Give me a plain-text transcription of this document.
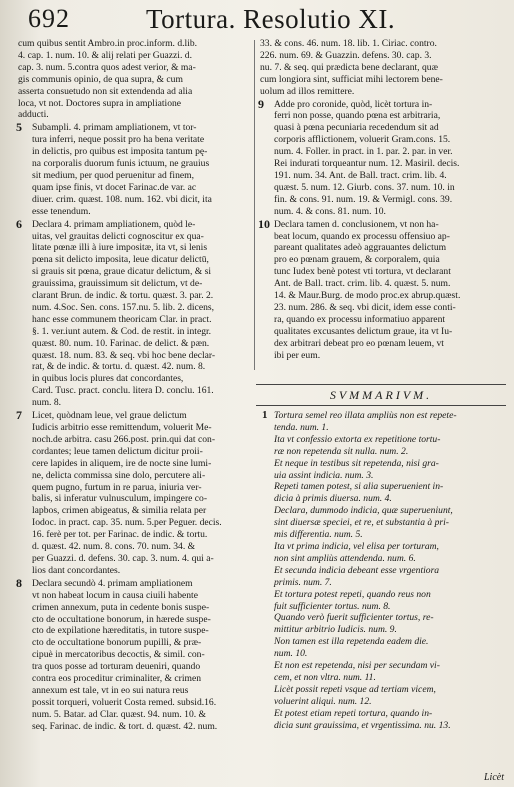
692	Tortura. Resolutio XI.
cum quibus sentit Ambro.in proc.inform. d.lib.
4. cap. 1. num. 10. & alij relati per Guazzi. d.
cap. 3. num. 5.contra quos adest verior, & ma-
gis communis opinio, de qua supra, & cum
asserta consuetudo non sit extendenda ad alia
loca, vt not. Doctores supra in ampliatione
adducti.
5	Subampli. 4. primam ampliationem, vt tor-
tura inferri, neque possit pro ha bena veritate
in delictis, pro quibus est imposita tantum pę-
na corporalis duorum funis ictuum, ne grauius
sit medium, per quod peruenitur ad finem,
quam ipse finis, vt docet Farinac.de var. ac
diuer. crim. quæst. 108. num. 162. vbi dicit, ita
esse tenendum.
6	Declara 4. primam ampliationem, quòd le-
uitas, vel grauitas delicti cognoscitur ex qua-
litate pœnæ illi à iure impositæ, ita vt, si lenis
pœna sit delicto imposita, leue dicatur delictū,
si grauis sit pœna, graue dicatur delictum, & si
grauissima, grauissimum sit delictum, vt de-
clarant Brun. de indic. & tortu. quæst. 3. par. 2.
num. 4.Soc. Sen. cons. 157.nu. 5. lib. 2. dicens,
hanc esse communem theoricam Clar. in pract.
§. 1. ver.iunt autem. & Cod. de restit. in integr.
quæst. 80. num. 10. Farinac. de delict. & pæn.
quæst. 18. num. 83. & seq. vbi hoc bene declar-
rat, & de indic. & tortu. d. quæst. 42. num. 8.
in quibus locis plures dat concordantes,
Card. Tusc. pract. conclu. litera D. conclu. 161.
num. 8.
7	Licet, quòdnam leue, vel graue delictum
Iudicis arbitrio esse remittendum, voluerit Me-
noch.de arbitra. casu 266.post. prin.qui dat con-
cordantes; leue tamen delictum dicitur proii-
cere lapides in aliquem, ire de nocte sine lumi-
ne, delicta commissa sine dolo, percutere ali-
quem pugno, furtum in re parua, iniuria ver-
balis, si inferatur vulnusculum, impingere co-
lapbos, crimen abigeatus, & similia relata per
Iodoc. in pract. cap. 35. num. 5.per Peguer. decis.
16. ferè per tot. per Farinac. de indic. & tortu.
d. quæst. 42. num. 8. cons. 70. num. 34. &
per Guazzi. d. defens. 30. cap. 3. num. 4. qui a-
lios dant concordantes.
8	Declara secundò 4. primam ampliationem
vt non habeat locum in causa ciuili habente
crimen annexum, puta in cedente bonis suspe-
cto de occultatione bonorum, in hærede suspe-
cto de expilatione hæreditatis, in tutore suspe-
cto de occultatione bonorum pupilli, & præ-
cipuè in mercatoribus decoctis, & simil. con-
tra quos posse ad torturam deueniri, quando
contra eos proceditur criminaliter, & crimen
annexum est tale, vt in eo sui natura reus
possit torqueri, voluerit Costa remed. subsid.16.
num. 5. Batar. ad Clar. quæst. 94. num. 10. &
seq. Farinac. de indic. & tort. d. quæst. 42. num.
33. & cons. 46. num. 18. lib. 1. Ciriac. contro.
226. num. 69. & Guazzin. defens. 30. cap. 3.
nu. 7. & seq. qui prædicta bene declarant, quæ
cum longiora sint, sufficiat mihi lectorem bene-
uolum ad illos remittere.
9	Adde pro coronide, quòd, licèt tortura in-
ferri non posse, quando pœna est arbitraria,
quasi à pœna pecuniaria recedendum sit ad
corporis afflictionem, voluerit Gram.cons. 15.
num. 4. Foller. in pract. in 1. par. 2. par. in ver.
Rei indurati torqueantur num. 12. Masiril. decis.
191. num. 34. Ant. de Ball. tract. crim. lib. 4.
quæst. 5. num. 12. Giurb. cons. 37. num. 10. in
fin. & cons. 91. num. 19. & Vermigl. cons. 39.
num. 4. & cons. 81. num. 10.
10 Declara tamen d. conclusionem, vt non ha-
beat locum, quando ex processu offensiuo ap-
pareant qualitates adeò aggrauantes delictum
pro eo pœnam grauem, & corporalem, quia
tunc Iudex benè potest vti tortura, vt declarant
Ant. de Ball. tract. crim. lib. 4. quæst. 5. num.
14. & Maur.Burg. de modo proc.ex abrup.quæst.
23. num. 286. & seq. vbi dicit, idem esse conti-
ra, quando ex processu informatiuo apparent
qualitates excusantes delictum graue, ita vt Iu-
dex arbitrari debeat pro eo pœnam leuem, vt
ibi per eum.
SVMMARIVM.
1 Tortura semel reo illata ampliùs non est repete-
tenda. num. 1.
Ita vt confessio extorta ex repetitione tortu-
ræ non repetenda sit nulla. num. 2.
Et neque in testibus sit repetenda, nisi gra-
uia assint indicia. num. 3.
Repeti tamen potest, si alia superuenient in-
dicia à primis diuersa. num. 4.
Declara, dummodo indicia, quæ superueniunt,
sint diuersæ speciei, et re, et substantia à pri-
mis differentia. num. 5.
Ita vt prima indicia, vel elisa per torturam,
non sint ampliùs attendenda. num. 6.
Et secunda indicia debeant esse vrgentiora
primis. num. 7.
Et tortura potest repeti, quando reus non
fuit sufficienter tortus. num. 8.
Quando verò fuerit sufficienter tortus, re-
mittitur arbitrio Iudicis. num. 9.
Non tamen est illa repetenda eadem die.
num. 10.
Et non est repetenda, nisi per secundam vi-
cem, et non vltra. num. 11.
Licèt possit repeti vsque ad tertiam vicem,
voluerint aliqui. num. 12.
Et potest etiam repeti tortura, quando in-
dicia sunt grauissima, et vrgentissima. nu. 13.
Licèt
